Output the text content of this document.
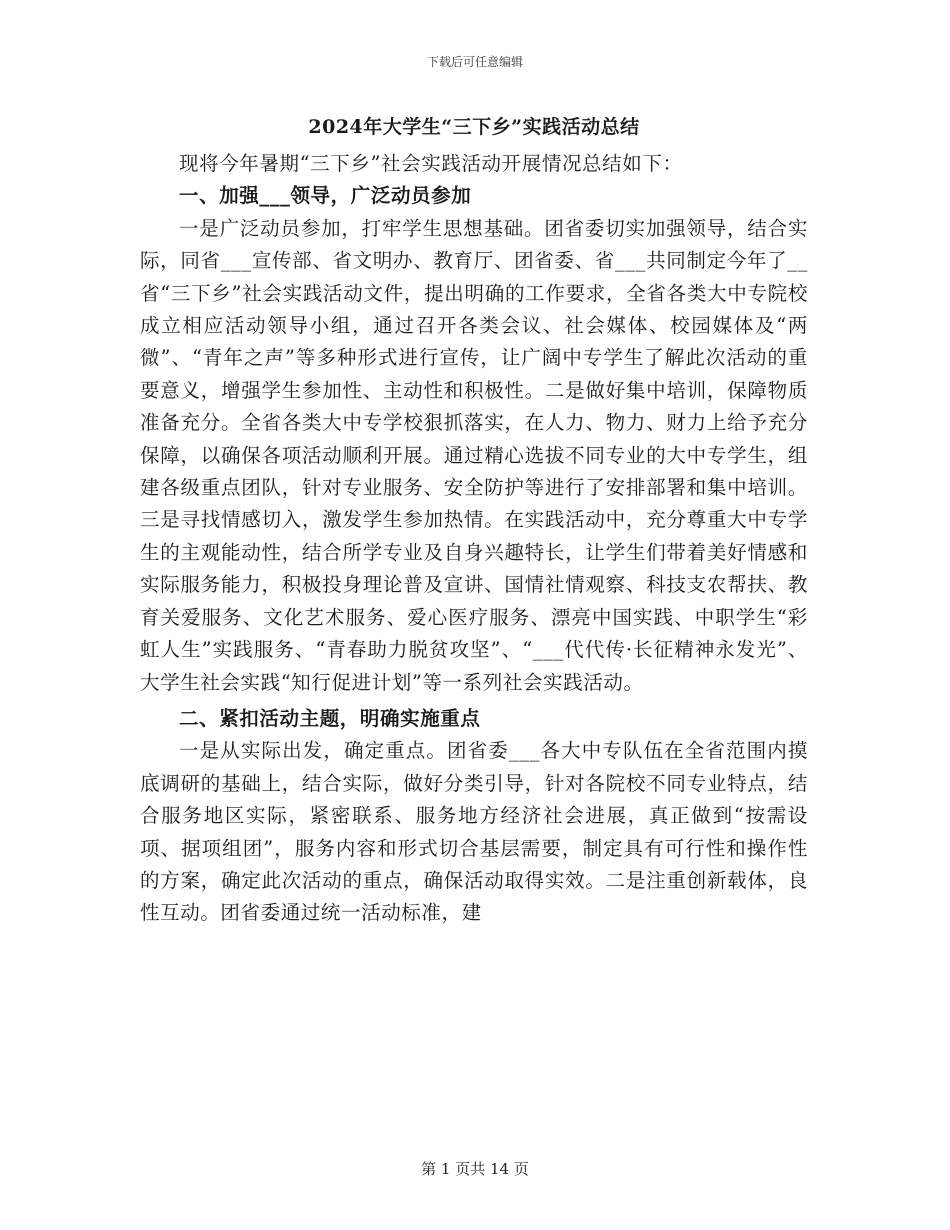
下载后可任意编辑
2024年大学生“三下乡”实践活动总结

现将今年暑期“三下乡”社会实践活动开展情况总结如下：

一、加强___领导，广泛动员参加

一是广泛动员参加，打牢学生思想基础。团省委切实加强领导，结合实际，同省___宣传部、省文明办、教育厅、团省委、省___共同制定今年了__省“三下乡”社会实践活动文件，提出明确的工作要求，全省各类大中专院校成立相应活动领导小组，通过召开各类会议、社会媒体、校园媒体及“两微”、“青年之声”等多种形式进行宣传，让广阔中专学生了解此次活动的重要意义，增强学生参加性、主动性和积极性。二是做好集中培训，保障物质准备充分。全省各类大中专学校狠抓落实，在人力、物力、财力上给予充分保障，以确保各项活动顺利开展。通过精心选拔不同专业的大中专学生，组建各级重点团队，针对专业服务、安全防护等进行了安排部署和集中培训。三是寻找情感切入，激发学生参加热情。在实践活动中，充分尊重大中专学生的主观能动性，结合所学专业及自身兴趣特长，让学生们带着美好情感和实际服务能力，积极投身理论普及宣讲、国情社情观察、科技支农帮扶、教育关爱服务、文化艺术服务、爱心医疗服务、漂亮中国实践、中职学生“彩虹人生”实践服务、“青春助力脱贫攻坚”、“___代代传·长征精神永发光”、大学生社会实践“知行促进计划”等一系列社会实践活动。

二、紧扣活动主题，明确实施重点

一是从实际出发，确定重点。团省委___各大中专队伍在全省范围内摸底调研的基础上，结合实际，做好分类引导，针对各院校不同专业特点，结合服务地区实际，紧密联系、服务地方经济社会进展，真正做到“按需设项、据项组团”，服务内容和形式切合基层需要，制定具有可行性和操作性的方案，确定此次活动的重点，确保活动取得实效。二是注重创新载体，良性互动。团省委通过统一活动标准，建

第 1 页共 14 页
